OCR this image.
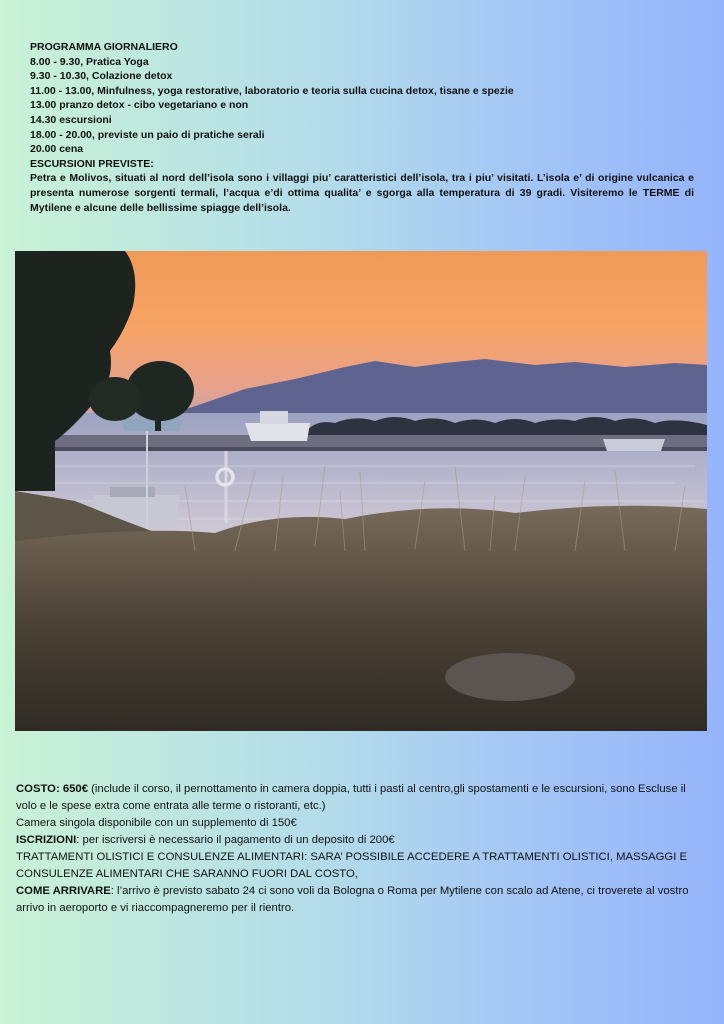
PROGRAMMA GIORNALIERO
8.00 - 9.30, Pratica Yoga
9.30 - 10.30, Colazione detox
11.00 - 13.00, Minfulness, yoga restorative, laboratorio e teoria sulla cucina detox, tisane e spezie
13.00 pranzo detox - cibo vegetariano e non
14.30 escursioni
18.00 - 20.00, previste un paio di pratiche serali
20.00 cena
ESCURSIONI PREVISTE:
Petra e Molivos, situati al nord dell’isola sono i villaggi piu’ caratteristici dell’isola, tra i piu’ visitati. L’isola e’ di origine vulcanica e presenta numerose sorgenti termali, l’acqua e’di ottima qualita’ e sgorga alla temperatura di 39 gradi. Visiteremo le TERME di Mytilene e alcune delle bellissime spiagge dell’isola.
COSTO: 650€ (include il corso, il pernottamento in camera doppia, tutti i pasti al centro,gli spostamenti e le escursioni, sono Escluse il volo e le spese extra come entrata alle terme o ristoranti, etc.)
Camera singola disponibile con un supplemento di 150€
ISCRIZIONI: per iscriversi è necessario il pagamento di un deposito di 200€
TRATTAMENTI OLISTICI E CONSULENZE ALIMENTARI: SARA’ POSSIBILE ACCEDERE A TRATTAMENTI OLISTICI, MASSAGGI E CONSULENZE ALIMENTARI CHE SARANNO FUORI DAL COSTO,
COME ARRIVARE: l’arrivo è previsto sabato 24 ci sono voli da Bologna o Roma per Mytilene con scalo ad Atene, ci troverete al vostro arrivo in aeroporto e vi riaccompagneremo per il rientro.
